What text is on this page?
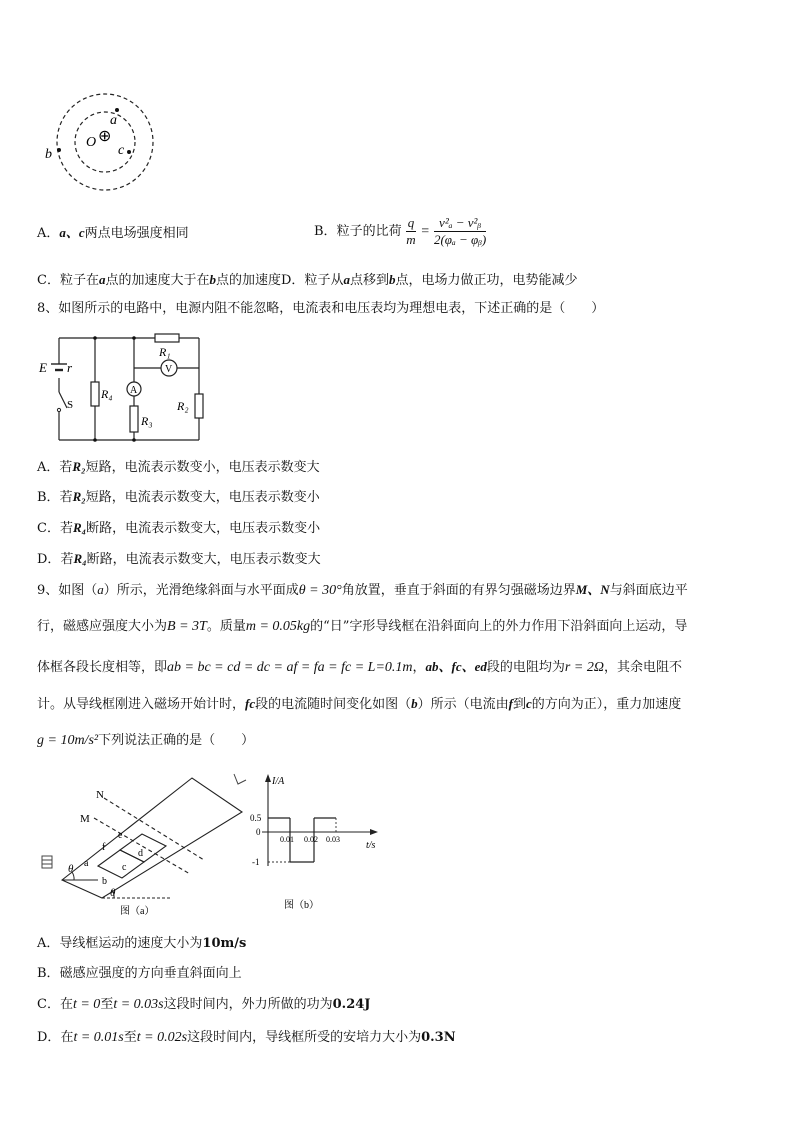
O ⊕
a
b	c
A．a、c两点电场强度相同	B．粒子的比荷 $\frac{q}{m} = \frac{\text{v²ₐ − v²ᵦ}}{\text{2(φₐ − φᵦ)}}$
C．粒子在a点的加速度大于在b点的加速度D．粒子从a点移到b点，电场力做正功，电势能减少
8、如图所示的电路中，电源内阻不能忽略，电流表和电压表均为理想电表，下述正确的是（　　）
E r
S
R₁
R₄ A
R₃
V
R₂
A．若R₂短路，电流表示数变小，电压表示数变大
B．若R₂短路，电流表示数变大，电压表示数变小
C．若R₄断路，电流表示数变大，电压表示数变小
D．若R₄断路，电流表示数变大，电压表示数变大
9、如图（a）所示，光滑绝缘斜面与水平面成θ = 30°角放置，垂直于斜面的有界匀强磁场边界M、N与斜面底边平
行，磁感应强度大小为B = 3T。质量m = 0.05kg的“日”字形导线框在沿斜面向上的外力作用下沿斜面向上运动，导
体框各段长度相等，即ab = bc = cd = dc = af = fa = fc = L=0.1m，ab、fc、ed段的电阻均为r = 2Ω，其余电阻不
计。从导线框刚进入磁场开始计时，fc段的电流随时间变化如图（b）所示（电流由f到c的方向为正），重力加速度
g = 10m/s²下列说法正确的是（　　）
N
M
e
f
a
b
c
d
θ
θ
图（a）
I/A
t/s
0.5
0
-1
0.01 0.02 0.03
图（b）
A．导线框运动的速度大小为10m/s
B．磁感应强度的方向垂直斜面向上
C．在t = 0至t = 0.03s这段时间内，外力所做的功为0.24J
D．在t = 0.01s至t = 0.02s这段时间内，导线框所受的安培力大小为0.3N
